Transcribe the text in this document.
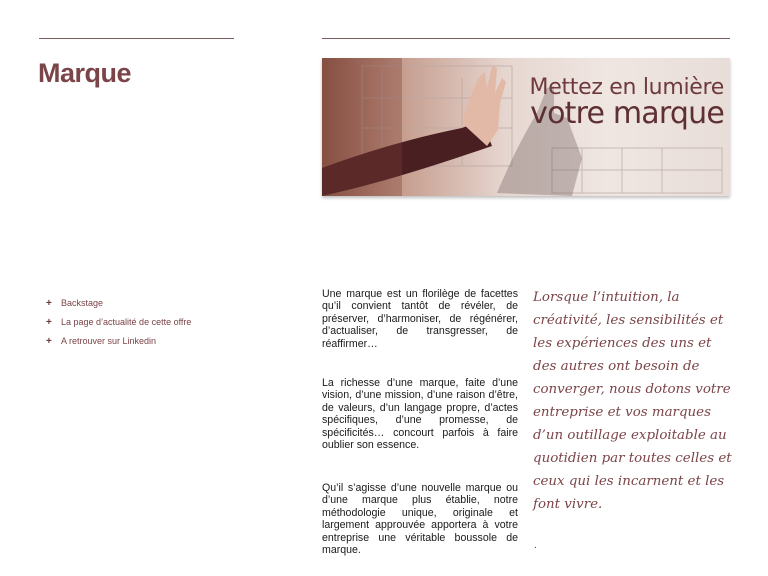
Marque	Mettez en lumière
votre marque
+ Backstage
+ La page d’actualité de cette offre
+ A retrouver sur Linkedin

Une marque est un florilège de facettes qu’il convient tantôt de révéler, de préserver, d’harmoniser, de régénérer, d’actualiser, de transgresser, de réaffirmer…

La richesse d’une marque, faite d’une vision, d’une mission, d’une raison d’être, de valeurs, d’un langage propre, d’actes spécifiques, d’une promesse, de spécificités… concourt parfois à faire oublier son essence.

Qu’il s’agisse d’une nouvelle marque ou d’une marque plus établie, notre méthodologie unique, originale et largement approuvée apportera à votre entreprise une véritable boussole de marque.

Lorsque l’intuition, la créativité, les sensibilités et les expériences des uns et des autres ont besoin de converger, nous dotons votre entreprise et vos marques d’un outillage exploitable au quotidien par toutes celles et ceux qui les incarnent et les font vivre.

.
